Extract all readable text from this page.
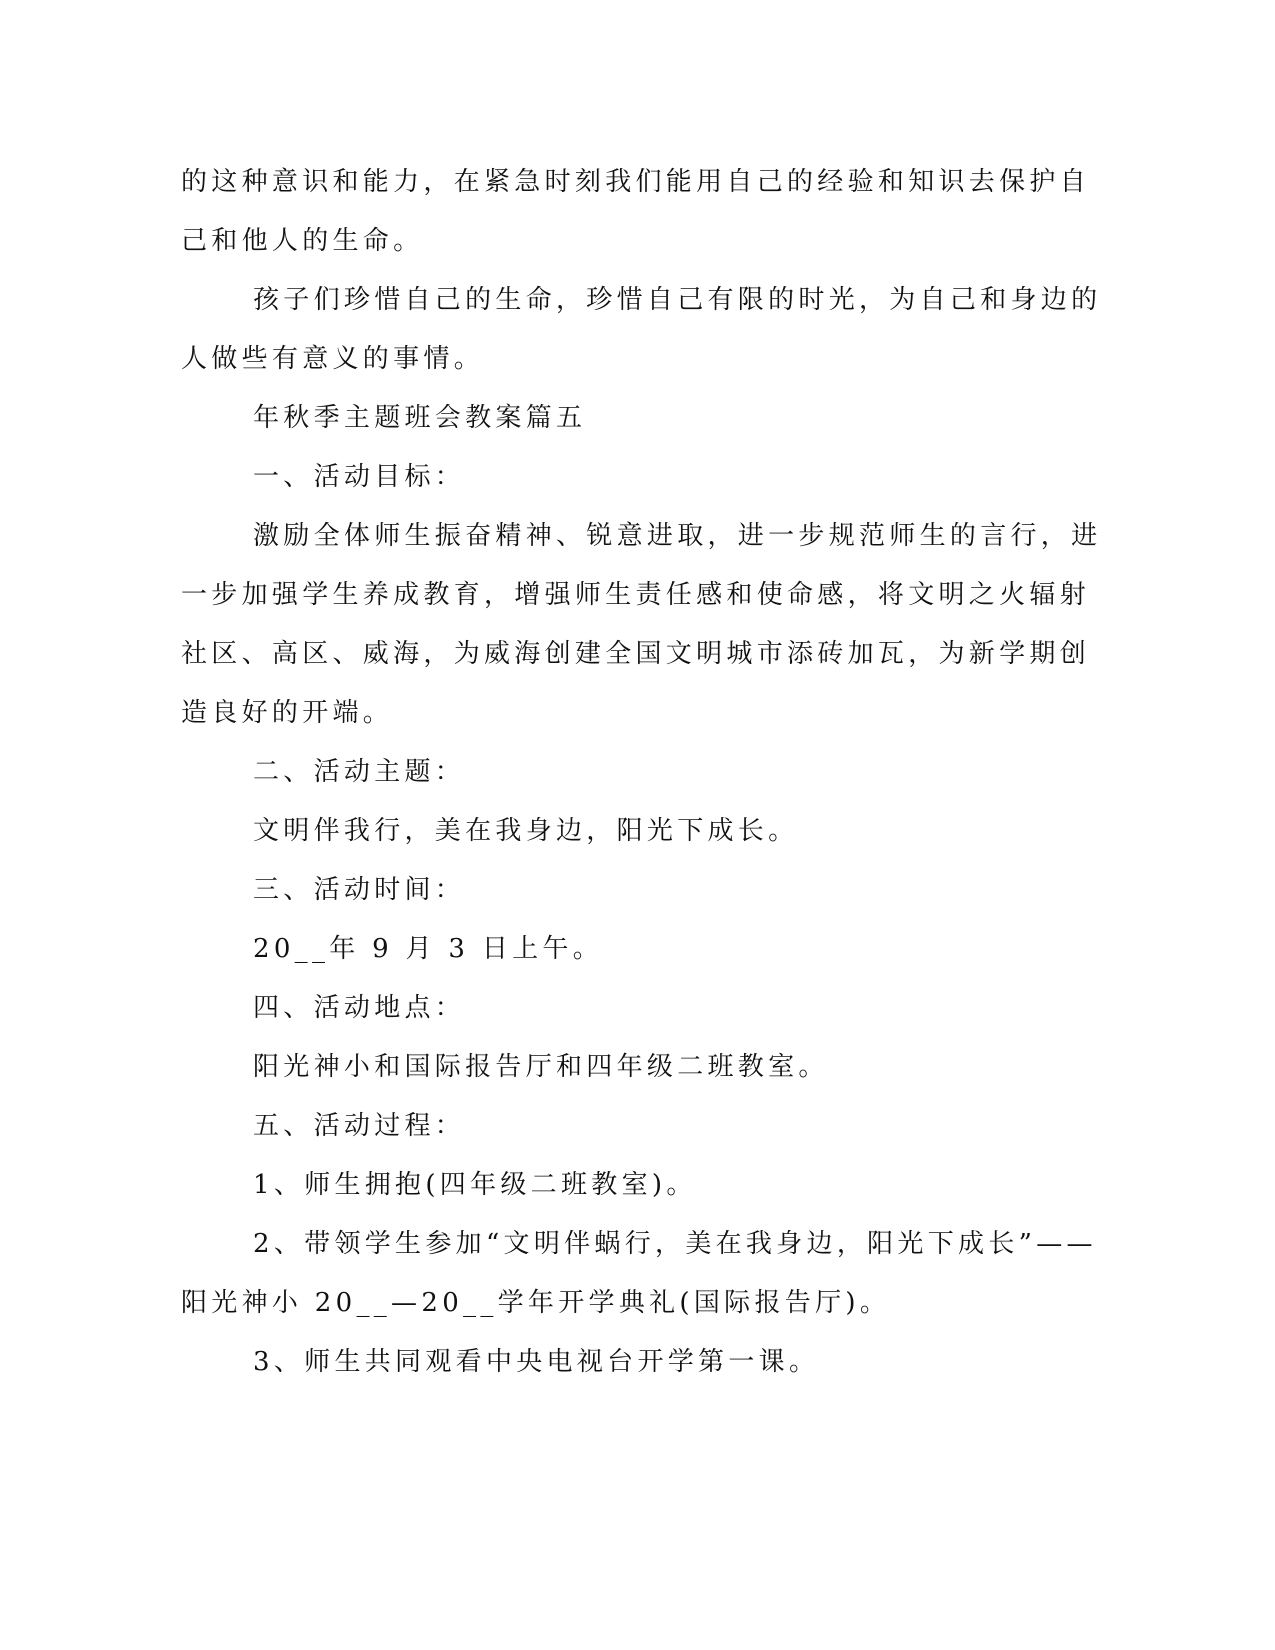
的这种意识和能力，在紧急时刻我们能用自己的经验和知识去保护自
己和他人的生命。
孩子们珍惜自己的生命，珍惜自己有限的时光，为自己和身边的
人做些有意义的事情。
年秋季主题班会教案篇五
一、活动目标：
激励全体师生振奋精神、锐意进取，进一步规范师生的言行，进
一步加强学生养成教育，增强师生责任感和使命感，将文明之火辐射
社区、高区、威海，为威海创建全国文明城市添砖加瓦，为新学期创
造良好的开端。
二、活动主题：
文明伴我行，美在我身边，阳光下成长。
三、活动时间：
20__年 9 月 3 日上午。
四、活动地点：
阳光神小和国际报告厅和四年级二班教室。
五、活动过程：
1、师生拥抱(四年级二班教室)。
2、带领学生参加“文明伴蜗行，美在我身边，阳光下成长”——
阳光神小 20__—20__学年开学典礼(国际报告厅)。
3、师生共同观看中央电视台开学第一课。
